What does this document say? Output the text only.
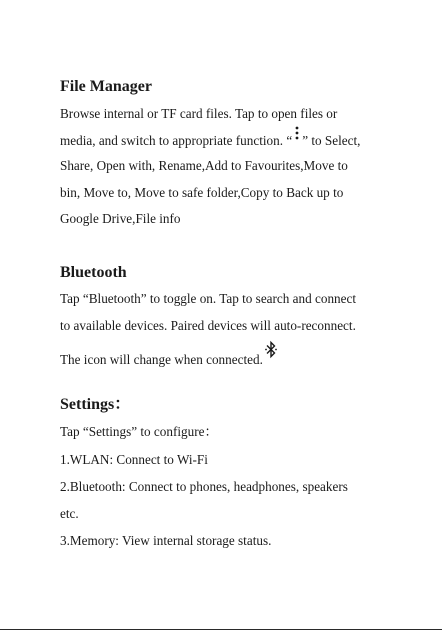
File Manager

Browse internal or TF card files. Tap to open files or

media, and switch to appropriate function. “ ” to Select,

Share, Open with, Rename,Add to Favourites,Move to

bin, Move to, Move to safe folder,Copy to Back up to

Google Drive,File info

Bluetooth

Tap “Bluetooth” to toggle on. Tap to search and connect

to available devices. Paired devices will auto-reconnect.

The icon will change when connected.

Settings：

Tap “Settings” to configure：

1.WLAN: Connect to Wi-Fi

2.Bluetooth: Connect to phones, headphones, speakers

etc.

3.Memory: View internal storage status.
